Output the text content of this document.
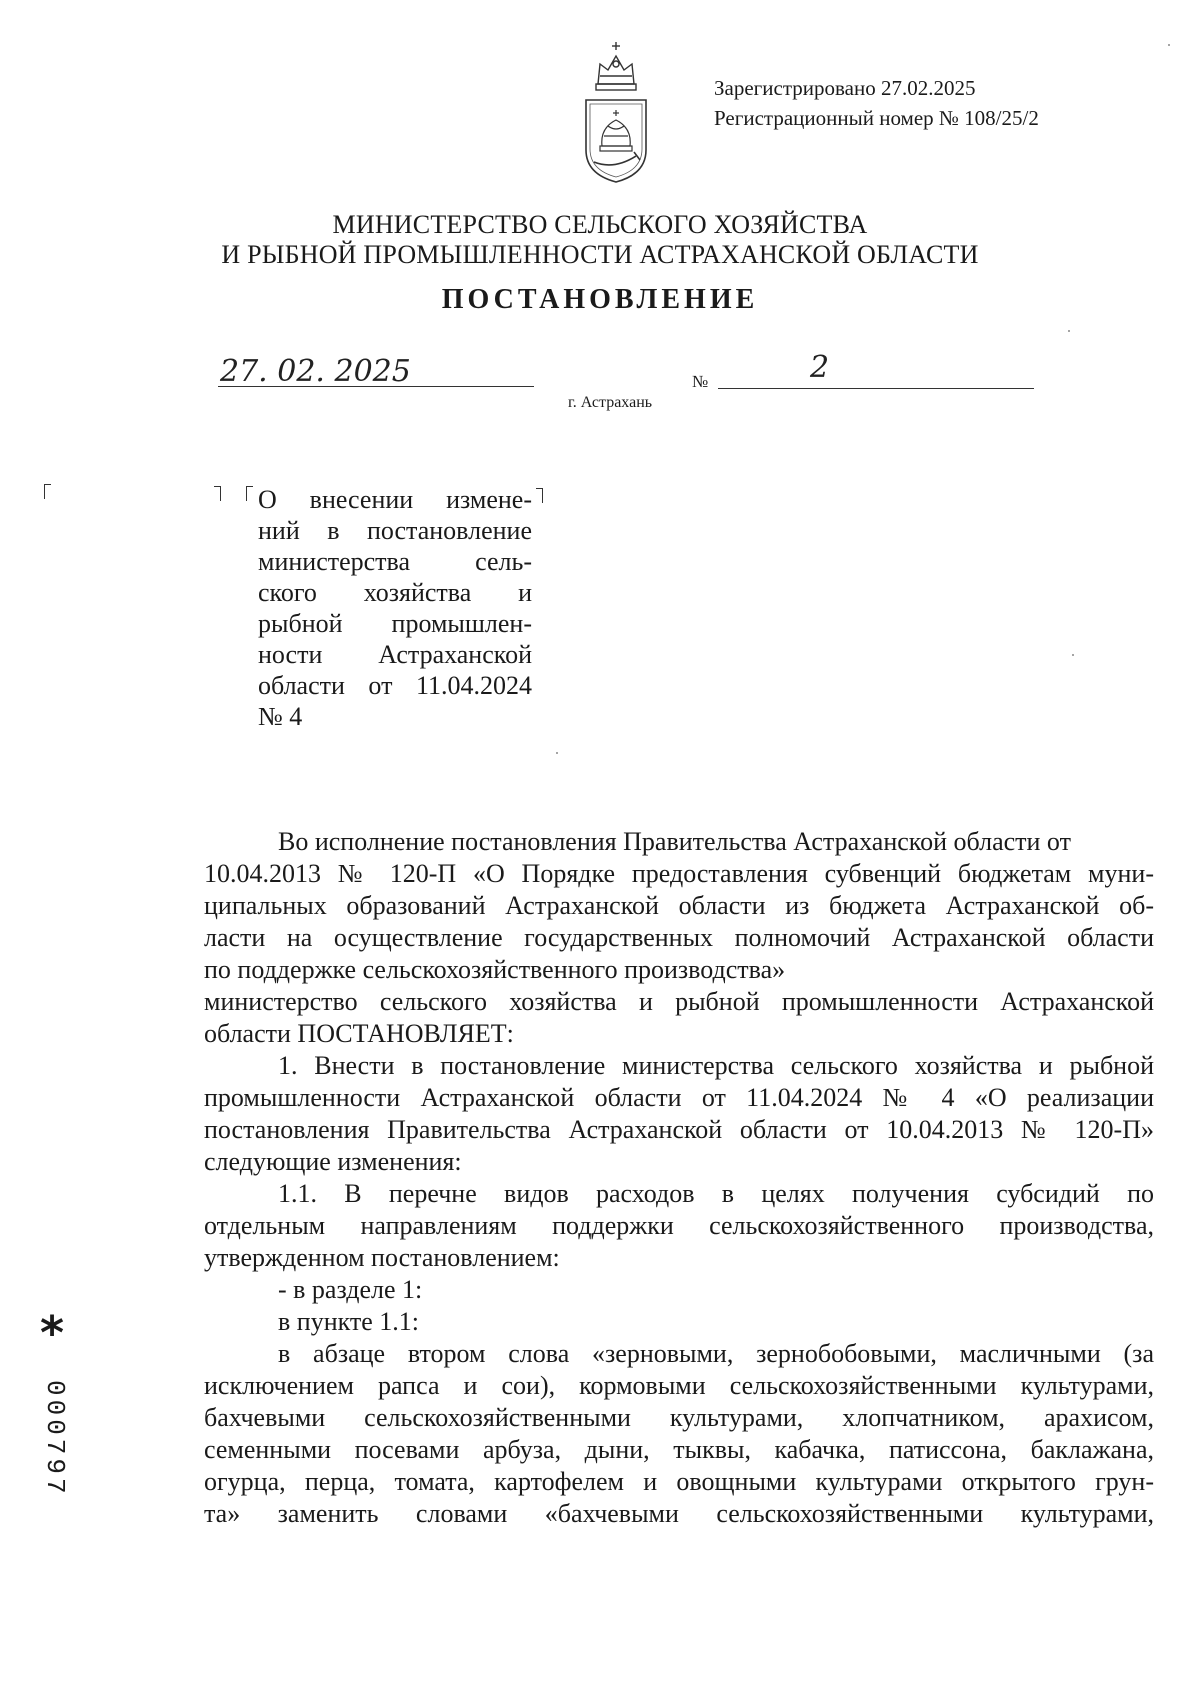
Зарегистрировано 27.02.2025
Регистрационный номер № 108/25/2
МИНИСТЕРСТВО СЕЛЬСКОГО ХОЗЯЙСТВА
И РЫБНОЙ ПРОМЫШЛЕННОСТИ АСТРАХАНСКОЙ ОБЛАСТИ
ПОСТАНОВЛЕНИЕ
27. 02. 2025	№	2
г. Астрахань
О внесении измене-
ний в постановление
министерства сель-
ского хозяйства и
рыбной промышлен-
ности Астраханской
области от 11.04.2024
№ 4
Во исполнение постановления Правительства Астраханской области от
10.04.2013 № 120-П «О Порядке предоставления субвенций бюджетам муни-
ципальных образований Астраханской области из бюджета Астраханской об-
ласти на осуществление государственных полномочий Астраханской области
по поддержке сельскохозяйственного производства»
министерство сельского хозяйства и рыбной промышленности Астраханской
области ПОСТАНОВЛЯЕТ:
1. Внести в постановление министерства сельского хозяйства и рыбной
промышленности Астраханской области от 11.04.2024 № 4 «О реализации
постановления Правительства Астраханской области от 10.04.2013 № 120-П»
следующие изменения:
1.1. В перечне видов расходов в целях получения субсидий по
отдельным направлениям поддержки сельскохозяйственного производства,
утвержденном постановлением:
- в разделе 1:
в пункте 1.1:
в абзаце втором слова «зерновыми, зернобобовыми, масличными (за
исключением рапса и сои), кормовыми сельскохозяйственными культурами,
бахчевыми сельскохозяйственными культурами, хлопчатником, арахисом,
семенными посевами арбуза, дыни, тыквы, кабачка, патиссона, баклажана,
огурца, перца, томата, картофелем и овощными культурами открытого грун-
та» заменить словами «бахчевыми сельскохозяйственными культурами,
*
000797
